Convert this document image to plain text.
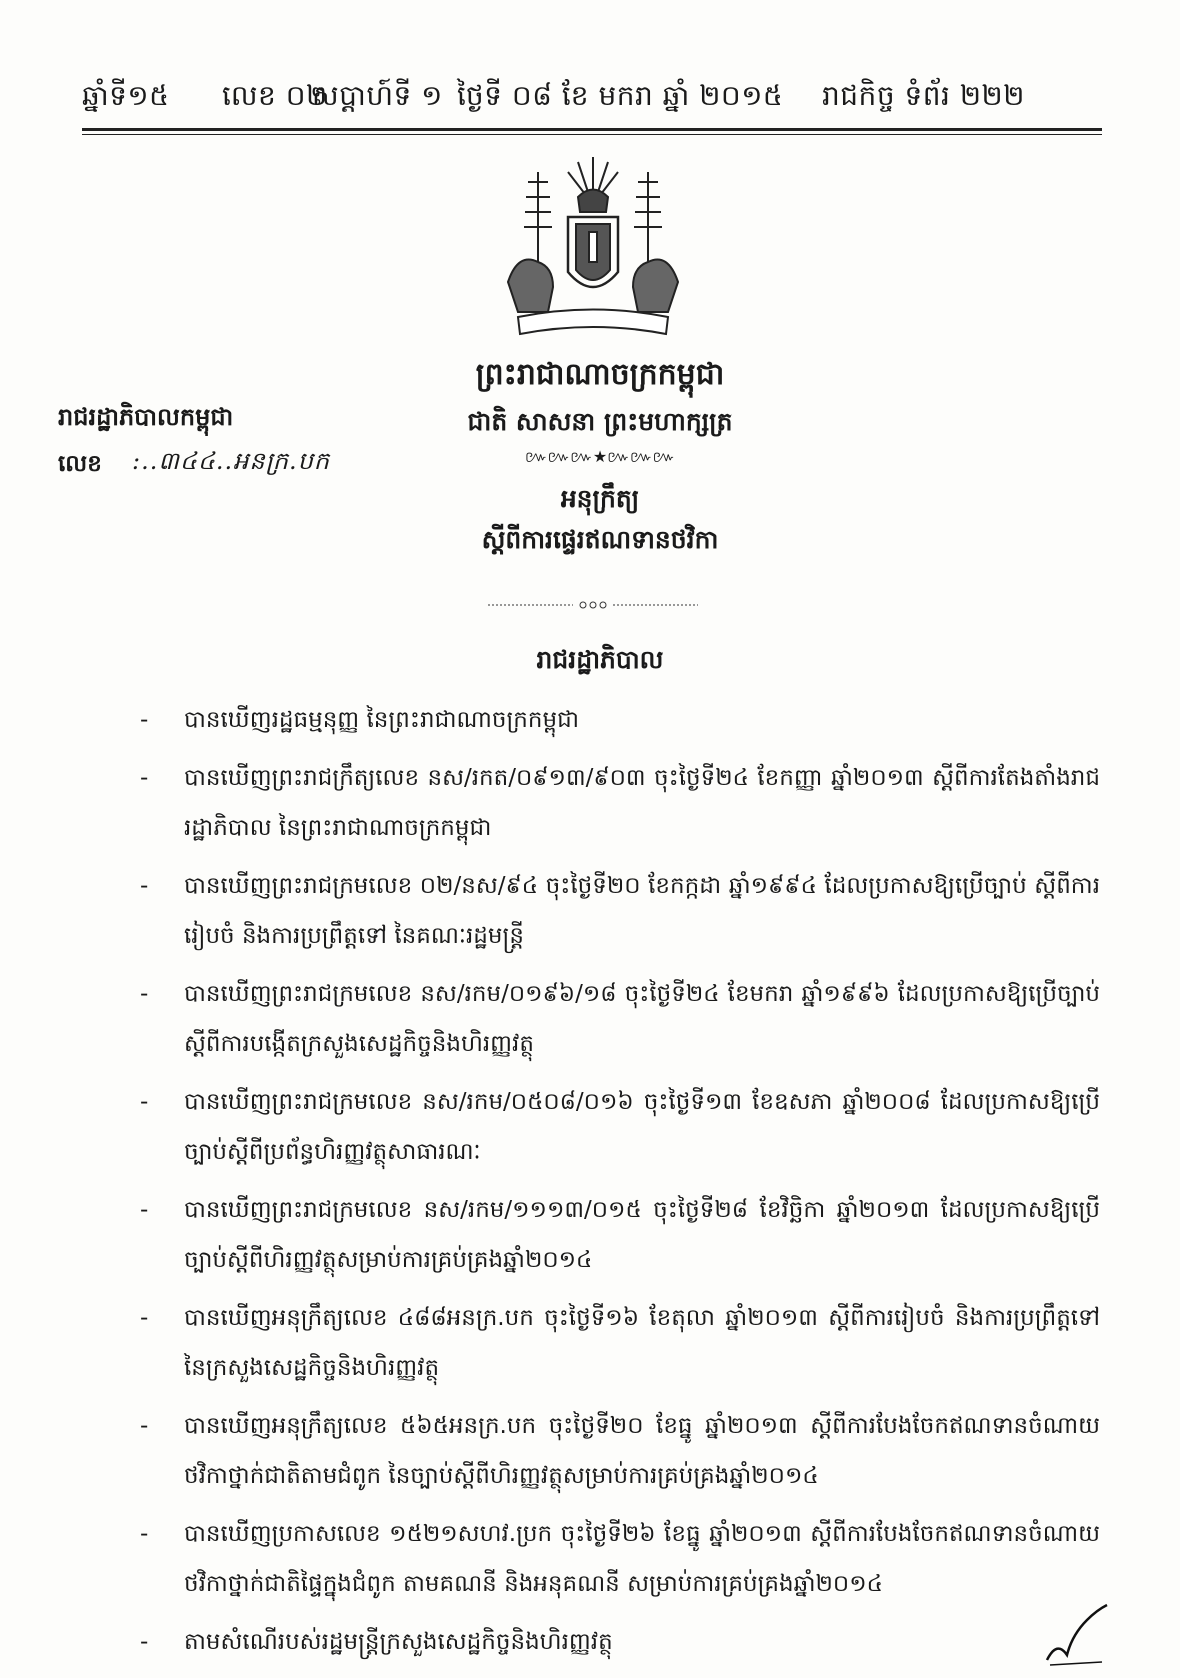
ឆ្នាំទី១៥ លេខ ០២
សប្តាហ៍ទី ១ ថ្ងៃទី ០៨ ខែ មករា ឆ្នាំ ២០១៥ រាជកិច្ច ទំព័រ ២២២
ព្រះរាជាណាចក្រកម្ពុជា
ជាតិ សាសនា ព្រះមហាក្សត្រ
៚៚៚★៚៚៚
រាជរដ្ឋាភិបាលកម្ពុជា
លេខ :..៣៤៤..អនក្រ.បក
អនុក្រឹត្យ
ស្តីពីការផ្ទេរឥណទានថវិកា
រាជរដ្ឋាភិបាល
-	បានឃើញរដ្ឋធម្មនុញ្ញ នៃព្រះរាជាណាចក្រកម្ពុជា
-	បានឃើញព្រះរាជក្រឹត្យលេខ នស/រកត/០៩១៣/៩០៣ ចុះថ្ងៃទី២៤ ខែកញ្ញា ឆ្នាំ២០១៣ ស្តីពីការតែងតាំងរាជរដ្ឋាភិបាល នៃព្រះរាជាណាចក្រកម្ពុជា
-	បានឃើញព្រះរាជក្រមលេខ ០២/នស/៩៤ ចុះថ្ងៃទី២០ ខែកក្កដា ឆ្នាំ១៩៩៤ ដែលប្រកាសឱ្យប្រើច្បាប់ ស្តីពីការរៀបចំ និងការប្រព្រឹត្តទៅ នៃគណៈរដ្ឋមន្ត្រី
-	បានឃើញព្រះរាជក្រមលេខ នស/រកម/០១៩៦/១៨ ចុះថ្ងៃទី២៤ ខែមករា ឆ្នាំ១៩៩៦ ដែលប្រកាសឱ្យប្រើច្បាប់ ស្តីពីការបង្កើតក្រសួងសេដ្ឋកិច្ចនិងហិរញ្ញវត្ថុ
-	បានឃើញព្រះរាជក្រមលេខ នស/រកម/០៥០៨/០១៦ ចុះថ្ងៃទី១៣ ខែឧសភា ឆ្នាំ២០០៨ ដែលប្រកាសឱ្យប្រើច្បាប់ស្តីពីប្រព័ន្ធហិរញ្ញវត្ថុសាធារណៈ
-	បានឃើញព្រះរាជក្រមលេខ នស/រកម/១១១៣/០១៥ ចុះថ្ងៃទី២៨ ខែវិច្ឆិកា ឆ្នាំ២០១៣ ដែលប្រកាសឱ្យប្រើច្បាប់ស្តីពីហិរញ្ញវត្ថុសម្រាប់ការគ្រប់គ្រងឆ្នាំ២០១៤
-	បានឃើញអនុក្រឹត្យលេខ ៤៨៨អនក្រ.បក ចុះថ្ងៃទី១៦ ខែតុលា ឆ្នាំ២០១៣ ស្តីពីការរៀបចំ និងការប្រព្រឹត្តទៅនៃក្រសួងសេដ្ឋកិច្ចនិងហិរញ្ញវត្ថុ
-	បានឃើញអនុក្រឹត្យលេខ ៥៦៥អនក្រ.បក ចុះថ្ងៃទី២០ ខែធ្នូ ឆ្នាំ២០១៣ ស្តីពីការបែងចែកឥណទានចំណាយថវិកាថ្នាក់ជាតិតាមជំពូក នៃច្បាប់ស្តីពីហិរញ្ញវត្ថុសម្រាប់ការគ្រប់គ្រងឆ្នាំ២០១៤
-	បានឃើញប្រកាសលេខ ១៥២១សហវ.ប្រក ចុះថ្ងៃទី២៦ ខែធ្នូ ឆ្នាំ២០១៣ ស្តីពីការបែងចែកឥណទានចំណាយថវិកាថ្នាក់ជាតិផ្ទៃក្នុងជំពូក តាមគណនី និងអនុគណនី សម្រាប់ការគ្រប់គ្រងឆ្នាំ២០១៤
-	តាមសំណើរបស់រដ្ឋមន្ត្រីក្រសួងសេដ្ឋកិច្ចនិងហិរញ្ញវត្ថុ
